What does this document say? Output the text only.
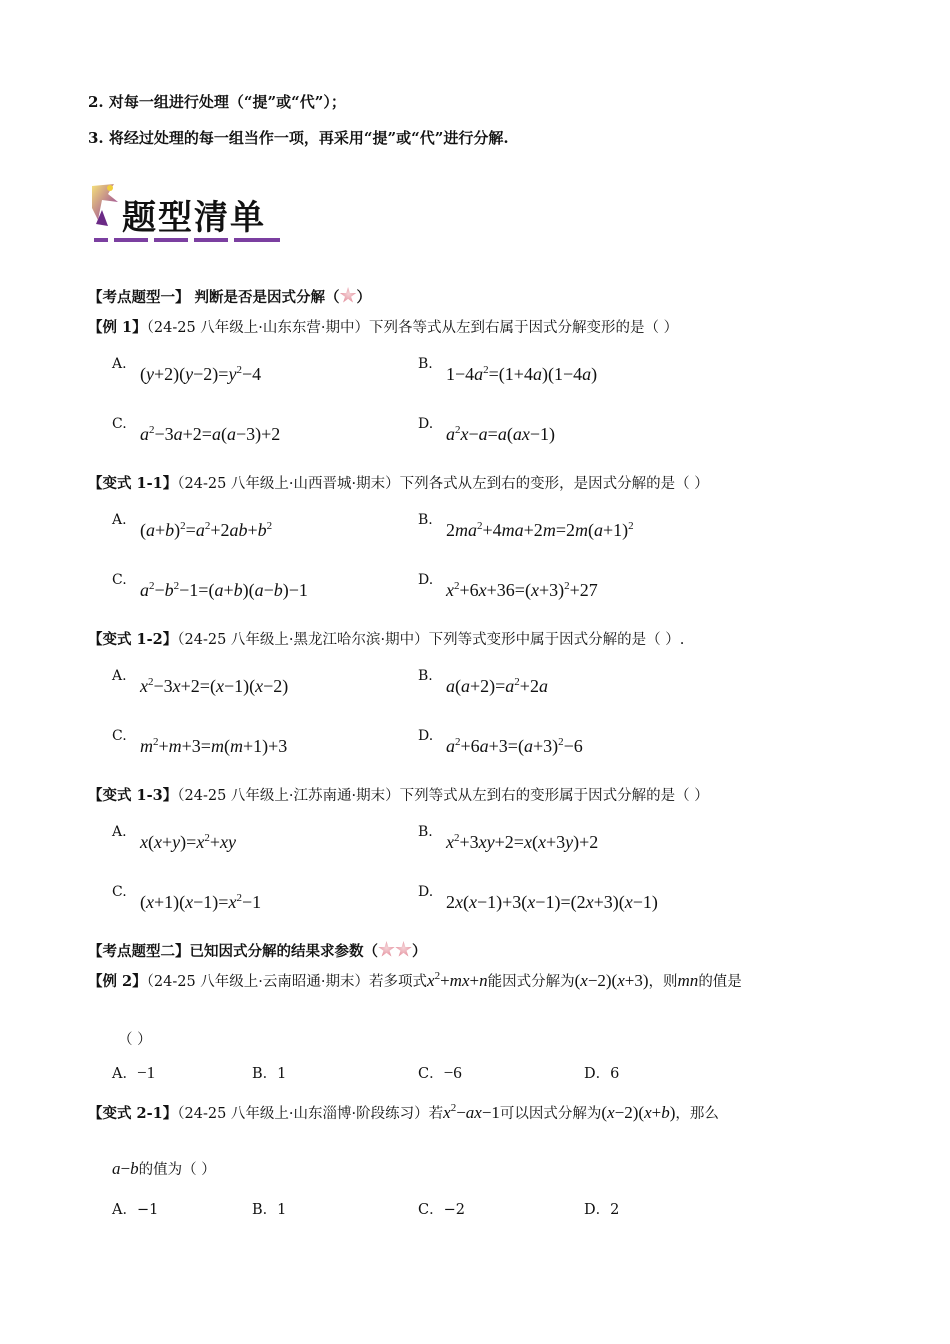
2. 对每一组进行处理（“提”或“代”）；
3. 将经过处理的每一组当作一项，再采用“提”或“代”进行分解.
题型清单
【考点题型一】 判断是否是因式分解（ ）
【例 1】（24-25 八年级上·山东东营·期中）下列各等式从左到右属于因式分解变形的是（ ）
A. $(y+2)(y-2)=y^2-4$	B. $1-4a^2=(1+4a)(1-4a)$
C. $a^2-3a+2=a(a-3)+2$	D. $a^2x-a=a(ax-1)$
【变式 1-1】（24-25 八年级上·山西晋城·期末）下列各式从左到右的变形，是因式分解的是（ ）
A. $(a+b)^2=a^2+2ab+b^2$	B. $2ma^2+4ma+2m=2m(a+1)^2$
C. $a^2-b^2-1=(a+b)(a-b)-1$	D. $x^2+6x+36=(x+3)^2+27$
【变式 1-2】（24-25 八年级上·黑龙江哈尔滨·期中）下列等式变形中属于因式分解的是（ ）.
A. $x^2-3x+2=(x-1)(x-2)$	B. $a(a+2)=a^2+2a$
C. $m^2+m+3=m(m+1)+3$	D. $a^2+6a+3=(a+3)^2-6$
【变式 1-3】（24-25 八年级上·江苏南通·期末）下列等式从左到右的变形属于因式分解的是（ ）
A. $x(x+y)=x^2+xy$	B. $x^2+3xy+2=x(x+3y)+2$
C. $(x+1)(x-1)=x^2-1$	D. 2x(x−1)+3(x−1)=(2x+3)(x−1)
【考点题型二】已知因式分解的结果求参数（ ）
【例 2】（24-25 八年级上·云南昭通·期末）若多项式$x^2+mx+n$能因式分解为(x−2)(x+3)，则mn的值是
（ ）
A．−1	B．1	C．−6	D．6
【变式 2-1】（24-25 八年级上·山东淄博·阶段练习）若$x^2-ax-1$可以因式分解为(x−2)(x+b)，那么
a−b的值为（ ）
A．−1	B．1	C．−2	D．2
